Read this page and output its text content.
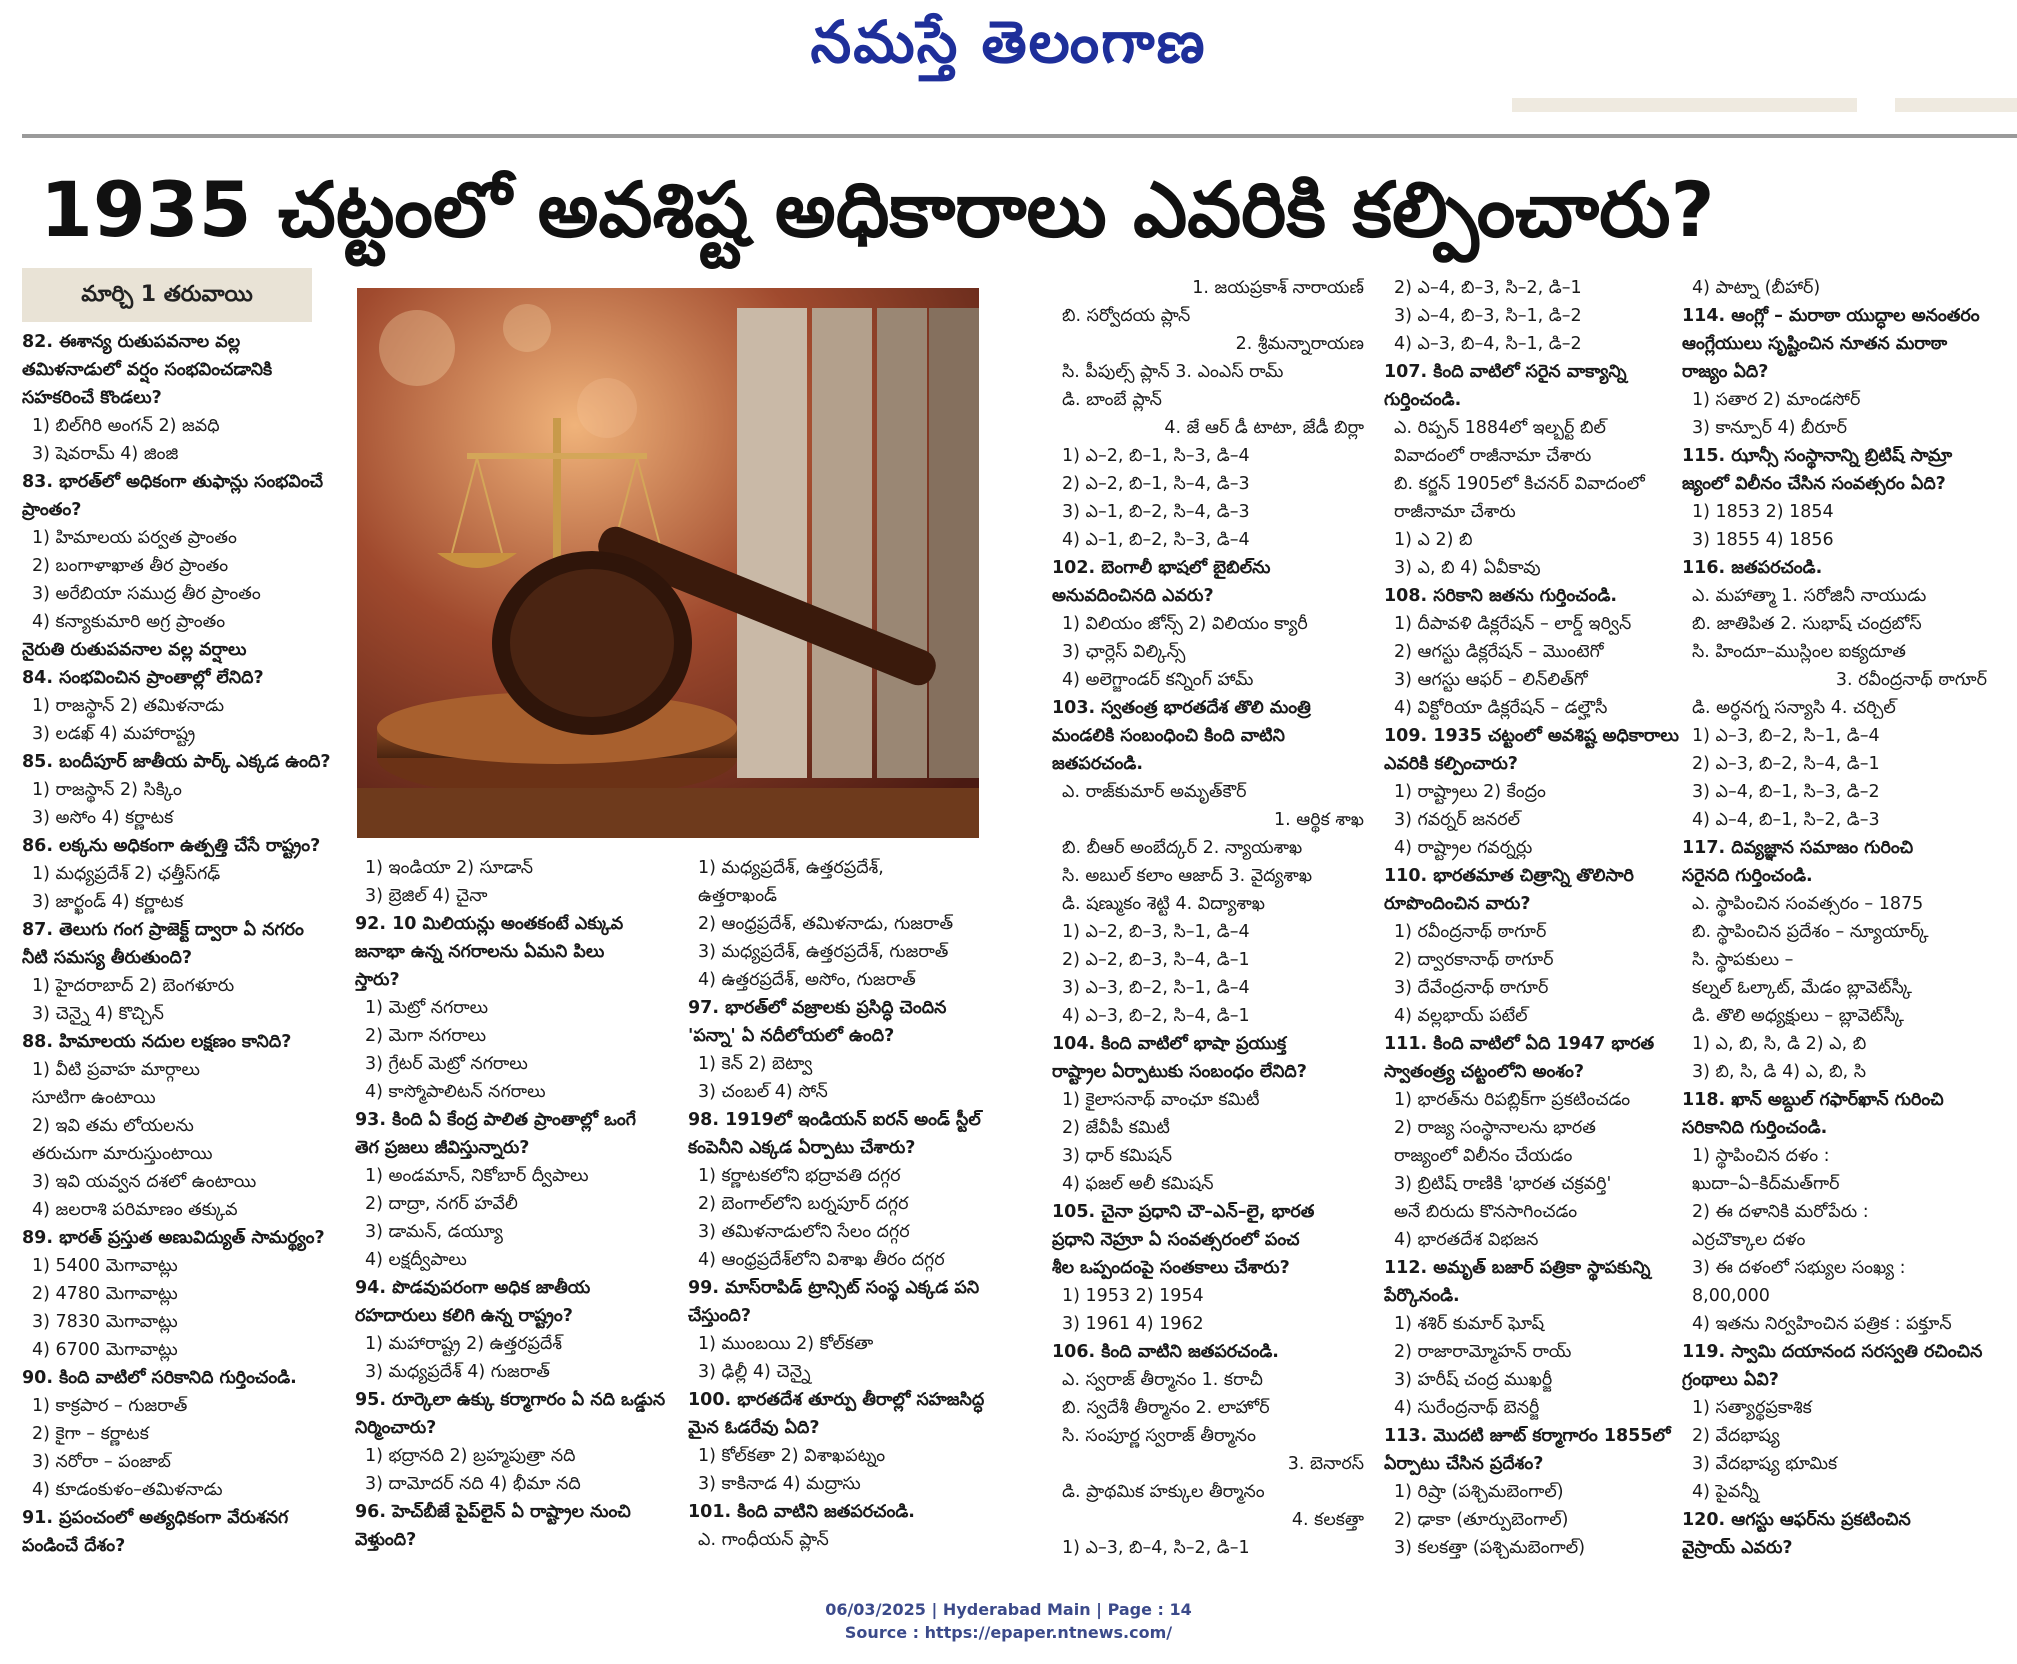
నమస్తే తెలంగాణ
1935 చట్టంలో అవశిష్ట అధికారాలు ఎవరికి కల్పించారు?
మార్చి 1 తరువాయి

82. ఈశాన్య రుతుపవనాల వల్ల

తమిళనాడులో వర్షం సంభవించడానికి

సహకరించే కొండలు?

1) బిల్‌గిరి అంగన్ 2) జవధి

3) షెవరామ్ 4) జింజి

83. భారత్‌లో అధికంగా తుఫాన్లు సంభవించే

ప్రాంతం?

1) హిమాలయ పర్వత ప్రాంతం

2) బంగాళాఖాత తీర ప్రాంతం

3) అరేబియా సముద్ర తీర ప్రాంతం

4) కన్యాకుమారి అగ్ర ప్రాంతం

నైరుతి రుతుపవనాల వల్ల వర్షాలు

84. సంభవించిన ప్రాంతాల్లో లేనిది?

1) రాజస్థాన్ 2) తమిళనాడు

3) లడఖ్ 4) మహారాష్ట్ర

85. బందీపూర్ జాతీయ పార్క్ ఎక్కడ ఉంది?

1) రాజస్థాన్ 2) సిక్కిం

3) అసోం 4) కర్ణాటక

86. లక్కను అధికంగా ఉత్పత్తి చేసే రాష్ట్రం?

1) మధ్యప్రదేశ్ 2) ఛత్తీస్‌గఢ్

3) జార్ఖండ్ 4) కర్ణాటక

87. తెలుగు గంగ ప్రాజెక్ట్ ద్వారా ఏ నగరం

నీటి సమస్య తీరుతుంది?

1) హైదరాబాద్ 2) బెంగళూరు

3) చెన్నై 4) కొచ్చిన్

88. హిమాలయ నదుల లక్షణం కానిది?

1) వీటి ప్రవాహ మార్గాలు

సూటిగా ఉంటాయి

2) ఇవి తమ లోయలను

తరుచుగా మారుస్తుంటాయి

3) ఇవి యవ్వన దశలో ఉంటాయి

4) జలరాశి పరిమాణం తక్కువ

89. భారత్ ప్రస్తుత అణువిద్యుత్ సామర్థ్యం?

1) 5400 మెగావాట్లు

2) 4780 మెగావాట్లు

3) 7830 మెగావాట్లు

4) 6700 మెగావాట్లు

90. కింది వాటిలో సరికానిది గుర్తించండి.

1) కాక్రపార – గుజరాత్

2) కైగా – కర్ణాటక

3) నరోరా – పంజాబ్

4) కూడంకుళం–తమిళనాడు

91. ప్రపంచంలో అత్యధికంగా వేరుశనగ

పండించే దేశం?

1) ఇండియా 2) సూడాన్

3) బ్రెజిల్ 4) చైనా

92. 10 మిలియన్లు అంతకంటే ఎక్కువ

జనాభా ఉన్న నగరాలను ఏమని పిలు

స్తారు?

1) మెట్రో నగరాలు

2) మెగా నగరాలు

3) గ్రేటర్ మెట్రో నగరాలు

4) కాస్మోపాలిటన్ నగరాలు

93. కింది ఏ కేంద్ర పాలిత ప్రాంతాల్లో ఒంగే

తెగ ప్రజలు జీవిస్తున్నారు?

1) అండమాన్, నికోబార్ ద్వీపాలు

2) దాద్రా, నగర్ హవేలీ

3) డామన్, డయ్యూ

4) లక్షద్వీపాలు

94. పొడవుపరంగా అధిక జాతీయ

రహదారులు కలిగి ఉన్న రాష్ట్రం?

1) మహారాష్ట్ర 2) ఉత్తరప్రదేశ్

3) మధ్యప్రదేశ్ 4) గుజరాత్

95. రూర్కెలా ఉక్కు కర్మాగారం ఏ నది ఒడ్డున

నిర్మించారు?

1) భద్రానది 2) బ్రహ్మపుత్రా నది

3) దామోదర్ నది 4) భీమా నది

96. హెచ్‌బీజే పైప్‌లైన్ ఏ రాష్ట్రాల నుంచి

వెళ్తుంది?

1) మధ్యప్రదేశ్, ఉత్తరప్రదేశ్,

ఉత్తరాఖండ్

2) ఆంధ్రప్రదేశ్, తమిళనాడు, గుజరాత్

3) మధ్యప్రదేశ్, ఉత్తరప్రదేశ్, గుజరాత్

4) ఉత్తరప్రదేశ్, అసోం, గుజరాత్

97. భారత్‌లో వజ్రాలకు ప్రసిద్ధి చెందిన

'పన్నా' ఏ నదీలోయలో ఉంది?

1) కెన్ 2) బెట్వా

3) చంబల్ 4) సోన్

98. 1919లో ఇండియన్ ఐరన్ అండ్ స్టీల్

కంపెనీని ఎక్కడ ఏర్పాటు చేశారు?

1) కర్ణాటకలోని భద్రావతి దగ్గర

2) బెంగాల్‌లోని బర్నపూర్ దగ్గర

3) తమిళనాడులోని సేలం దగ్గర

4) ఆంధ్రప్రదేశ్‌లోని విశాఖ తీరం దగ్గర

99. మాస్‌రాపిడ్ ట్రాన్సిట్ సంస్థ ఎక్కడ పని

చేస్తుంది?

1) ముంబయి 2) కోల్‌కతా

3) ఢిల్లీ 4) చెన్నై

100. భారతదేశ తూర్పు తీరాల్లో సహజసిద్ధ

మైన ఓడరేవు ఏది?

1) కోల్‌కతా 2) విశాఖపట్నం

3) కాకినాడ 4) మద్రాసు

101. కింది వాటిని జతపరచండి.

ఎ. గాంధీయన్ ప్లాన్

1. జయప్రకాశ్ నారాయణ్

బి. సర్వోదయ ప్లాన్

2. శ్రీమన్నారాయణ

సి. పీపుల్స్ ప్లాన్ 3. ఎంఎస్ రామ్

డి. బాంబే ప్లాన్

4. జే ఆర్ డీ టాటా, జేడీ బిర్లా

1) ఎ–2, బి–1, సి–3, డి–4

2) ఎ–2, బి–1, సి–4, డి–3

3) ఎ–1, బి–2, సి–4, డి–3

4) ఎ–1, బి–2, సి–3, డి–4

102. బెంగాలీ భాషలో బైబిల్‌ను

అనువదించినది ఎవరు?

1) విలియం జోన్స్ 2) విలియం క్యారీ

3) ఛార్లెస్ విల్కిన్స్

4) అలెగ్జాండర్ కన్నింగ్ హామ్

103. స్వతంత్ర భారతదేశ తొలి మంత్రి

మండలికి సంబంధించి కింది వాటిని

జతపరచండి.

ఎ. రాజ్‌కుమార్ అమృత్‌కౌర్

1. ఆర్థిక శాఖ

బి. బీఆర్ అంబేద్కర్ 2. న్యాయశాఖ

సి. అబుల్ కలాం ఆజాద్ 3. వైద్యశాఖ

డి. షణ్ముకం శెట్టి 4. విద్యాశాఖ

1) ఎ–2, బి–3, సి–1, డి–4

2) ఎ–2, బి–3, సి–4, డి–1

3) ఎ–3, బి–2, సి–1, డి–4

4) ఎ–3, బి–2, సి–4, డి–1

104. కింది వాటిలో భాషా ప్రయుక్త

రాష్ట్రాల ఏర్పాటుకు సంబంధం లేనిది?

1) కైలాసనాథ్ వాంఛూ కమిటీ

2) జేవీపీ కమిటీ

3) ధార్ కమిషన్

4) ఫజల్ అలీ కమిషన్

105. చైనా ప్రధాని చౌ–ఎన్–లై, భారత

ప్రధాని నెహ్రూ ఏ సంవత్సరంలో పంచ

శీల ఒప్పందంపై సంతకాలు చేశారు?

1) 1953 2) 1954

3) 1961 4) 1962

106. కింది వాటిని జతపరచండి.

ఎ. స్వరాజ్ తీర్మానం 1. కరాచీ

బి. స్వదేశీ తీర్మానం 2. లాహోర్

సి. సంపూర్ణ స్వరాజ్ తీర్మానం

3. బెనారస్

డి. ప్రాథమిక హక్కుల తీర్మానం

4. కలకత్తా

1) ఎ–3, బి–4, సి–2, డి–1

2) ఎ–4, బి–3, సి–2, డి–1

3) ఎ–4, బి–3, సి–1, డి–2

4) ఎ–3, బి–4, సి–1, డి–2

107. కింది వాటిలో సరైన వాక్యాన్ని

గుర్తించండి.

ఎ. రిప్పన్ 1884లో ఇల్బర్ట్ బిల్

వివాదంలో రాజీనామా చేశారు

బి. కర్జన్ 1905లో కిచనర్ వివాదంలో

రాజీనామా చేశారు

1) ఎ 2) బి

3) ఎ, బి 4) ఏవీకావు

108. సరికాని జతను గుర్తించండి.

1) దీపావళి డిక్లరేషన్ – లార్డ్ ఇర్విన్

2) ఆగస్టు డిక్లరేషన్ – మొంటెగో

3) ఆగస్టు ఆఫర్ – లిన్‌లిత్‌గో

4) విక్టోరియా డిక్లరేషన్ – డల్హౌసీ

109. 1935 చట్టంలో అవశిష్ట అధికారాలు

ఎవరికి కల్పించారు?

1) రాష్ట్రాలు 2) కేంద్రం

3) గవర్నర్ జనరల్

4) రాష్ట్రాల గవర్నర్లు

110. భారతమాత చిత్రాన్ని తొలిసారి

రూపొందించిన వారు?

1) రవీంద్రనాథ్ ఠాగూర్

2) ద్వారకానాథ్ ఠాగూర్

3) దేవేంద్రనాథ్ ఠాగూర్

4) వల్లభాయ్ పటేల్

111. కింది వాటిలో ఏది 1947 భారత

స్వాతంత్ర్య చట్టంలోని అంశం?

1) భారత్‌ను రిపబ్లిక్‌గా ప్రకటించడం

2) రాజ్య సంస్థానాలను భారత

రాజ్యంలో విలీనం చేయడం

3) బ్రిటిష్ రాణికి 'భారత చక్రవర్తి'

అనే బిరుదు కొనసాగించడం

4) భారతదేశ విభజన

112. అమృత్ బజార్ పత్రికా స్థాపకున్ని

పేర్కొనండి.

1) శశిర్ కుమార్ ఘోష్

2) రాజారామ్మోహన్ రాయ్

3) హరీష్ చంద్ర ముఖర్జీ

4) సురేంద్రనాథ్ బెనర్జీ

113. మొదటి జూట్ కర్మాగారం 1855లో

ఏర్పాటు చేసిన ప్రదేశం?

1) రిష్రా (పశ్చిమబెంగాల్)

2) ఢాకా (తూర్పుబెంగాల్)

3) కలకత్తా (పశ్చిమబెంగాల్)

4) పాట్నా (బీహార్)

114. ఆంగ్లో – మరాఠా యుద్ధాల అనంతరం

ఆంగ్లేయులు సృష్టించిన నూతన మరాఠా

రాజ్యం ఏది?

1) సతార 2) మాండసోర్

3) కాన్పూర్ 4) బీరూర్

115. ఝాన్సీ సంస్థానాన్ని బ్రిటిష్ సామ్రా

జ్యంలో విలీనం చేసిన సంవత్సరం ఏది?

1) 1853 2) 1854

3) 1855 4) 1856

116. జతపరచండి.

ఎ. మహాత్మా 1. సరోజినీ నాయుడు

బి. జాతిపిత 2. సుభాష్ చంద్రబోస్

సి. హిందూ–ముస్లింల ఐక్యదూత

3. రవీంద్రనాథ్ ఠాగూర్

డి. అర్ధనగ్న సన్యాసి 4. చర్చిల్

1) ఎ–3, బి–2, సి–1, డి–4

2) ఎ–3, బి–2, సి–4, డి–1

3) ఎ–4, బి–1, సి–3, డి–2

4) ఎ–4, బి–1, సి–2, డి–3

117. దివ్యజ్ఞాన సమాజం గురించి

సరైనది గుర్తించండి.

ఎ. స్థాపించిన సంవత్సరం – 1875

బి. స్థాపించిన ప్రదేశం – న్యూయార్క్

సి. స్థాపకులు –

కల్నల్ ఓల్కాట్, మేడం బ్లావెట్‌స్కీ

డి. తొలి అధ్యక్షులు – బ్లావెట్‌స్కీ

1) ఎ, బి, సి, డి 2) ఎ, బి

3) బి, సి, డి 4) ఎ, బి, సి

118. ఖాన్ అబ్దుల్ గఫార్‌ఖాన్ గురించి

సరికానిది గుర్తించండి.

1) స్థాపించిన దళం :

ఖుదా–ఏ–కిద్‌మత్‌గార్

2) ఈ దళానికి మరోపేరు :

ఎర్రచొక్కాల దళం

3) ఈ దళంలో సభ్యుల సంఖ్య :

8,00,000

4) ఇతను నిర్వహించిన పత్రిక : పక్తూన్

119. స్వామి దయానంద సరస్వతి రచించిన

గ్రంథాలు ఏవి?

1) సత్యార్థప్రకాశిక

2) వేదభాష్య

3) వేదభాష్య భూమిక

4) పైవన్నీ

120. ఆగస్టు ఆఫర్‌ను ప్రకటించిన

వైస్రాయ్ ఎవరు?

06/03/2025 | Hyderabad Main | Page : 14
Source : https://epaper.ntnews.com/
